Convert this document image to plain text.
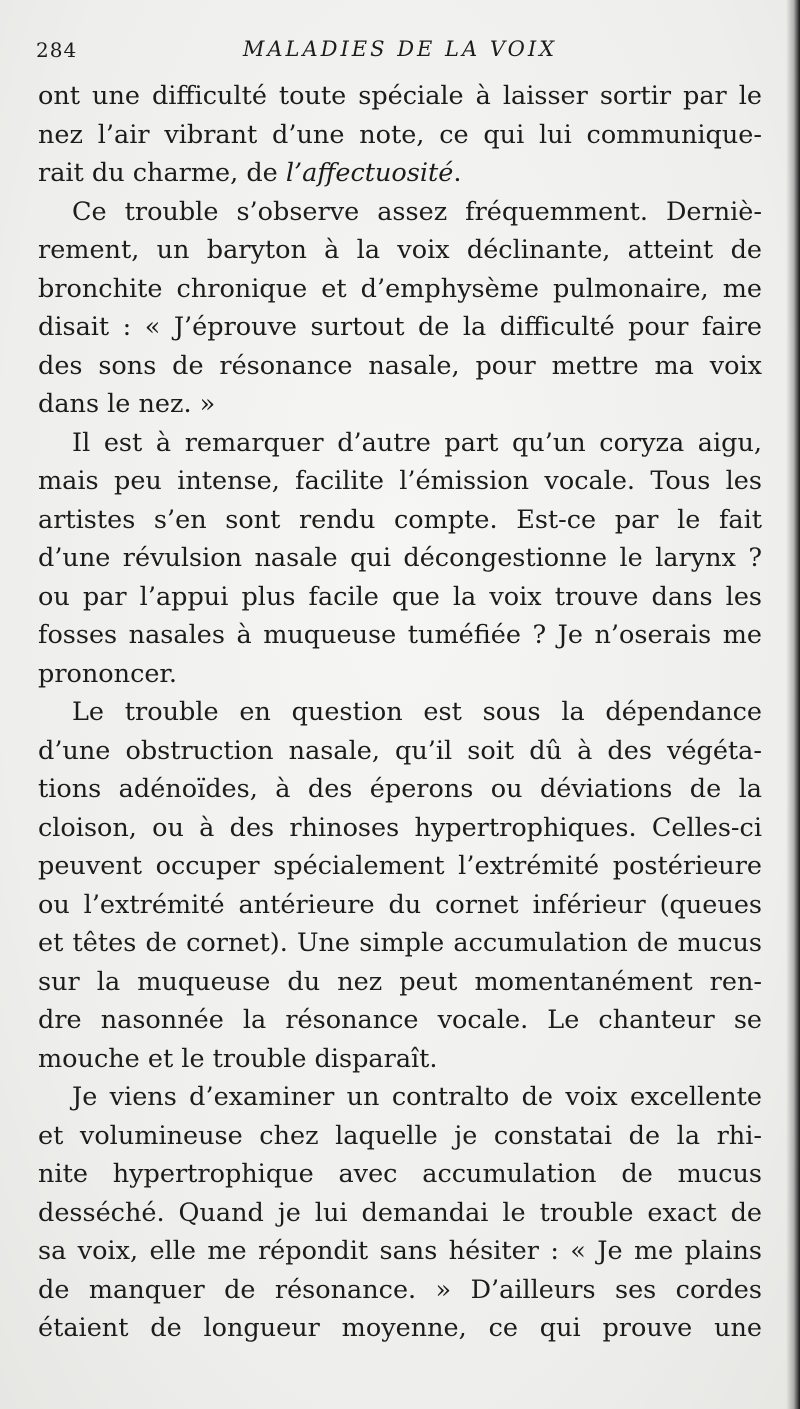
284	MALADIES DE LA VOIX
ont une difficulté toute spéciale à laisser sortir par le
nez l’air vibrant d’une note, ce qui lui communique-
rait du charme, de l’affectuosité.
Ce trouble s’observe assez fréquemment. Derniè-
rement, un baryton à la voix déclinante, atteint de
bronchite chronique et d’emphysème pulmonaire, me
disait : « J’éprouve surtout de la difficulté pour faire
des sons de résonance nasale, pour mettre ma voix
dans le nez. »
Il est à remarquer d’autre part qu’un coryza aigu,
mais peu intense, facilite l’émission vocale. Tous les
artistes s’en sont rendu compte. Est-ce par le fait
d’une révulsion nasale qui décongestionne le larynx ?
ou par l’appui plus facile que la voix trouve dans les
fosses nasales à muqueuse tuméfiée ? Je n’oserais me
prononcer.
Le trouble en question est sous la dépendance
d’une obstruction nasale, qu’il soit dû à des végéta-
tions adénoïdes, à des éperons ou déviations de la
cloison, ou à des rhinoses hypertrophiques. Celles-ci
peuvent occuper spécialement l’extrémité postérieure
ou l’extrémité antérieure du cornet inférieur (queues
et têtes de cornet). Une simple accumulation de mucus
sur la muqueuse du nez peut momentanément ren-
dre nasonnée la résonance vocale. Le chanteur se
mouche et le trouble disparaît.
Je viens d’examiner un contralto de voix excellente
et volumineuse chez laquelle je constatai de la rhi-
nite hypertrophique avec accumulation de mucus
desséché. Quand je lui demandai le trouble exact de
sa voix, elle me répondit sans hésiter : « Je me plains
de manquer de résonance. » D’ailleurs ses cordes
étaient de longueur moyenne, ce qui prouve une
